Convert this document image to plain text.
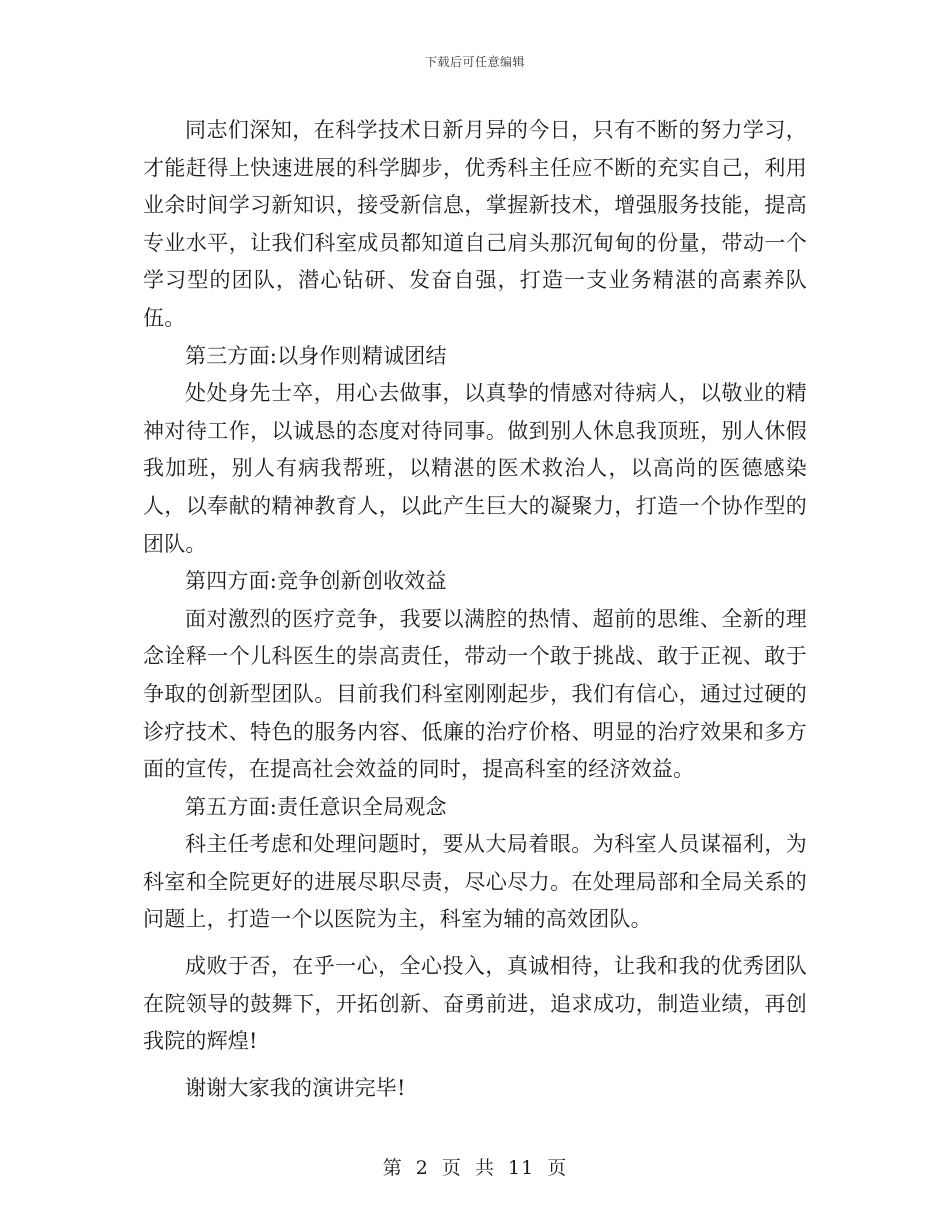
下载后可任意编辑

同志们深知，在科学技术日新月异的今日，只有不断的努力学习，才能赶得上快速进展的科学脚步，优秀科主任应不断的充实自己，利用业余时间学习新知识，接受新信息，掌握新技术，增强服务技能，提高专业水平，让我们科室成员都知道自己肩头那沉甸甸的份量，带动一个学习型的团队，潜心钻研、发奋自强，打造一支业务精湛的高素养队伍。

第三方面:以身作则精诚团结

处处身先士卒，用心去做事，以真挚的情感对待病人，以敬业的精神对待工作，以诚恳的态度对待同事。做到别人休息我顶班，别人休假我加班，别人有病我帮班，以精湛的医术救治人，以高尚的医德感染人，以奉献的精神教育人，以此产生巨大的凝聚力，打造一个协作型的团队。

第四方面:竞争创新创收效益

面对激烈的医疗竞争，我要以满腔的热情、超前的思维、全新的理念诠释一个儿科医生的崇高责任，带动一个敢于挑战、敢于正视、敢于争取的创新型团队。目前我们科室刚刚起步，我们有信心，通过过硬的诊疗技术、特色的服务内容、低廉的治疗价格、明显的治疗效果和多方面的宣传，在提高社会效益的同时，提高科室的经济效益。

第五方面:责任意识全局观念

科主任考虑和处理问题时，要从大局着眼。为科室人员谋福利，为科室和全院更好的进展尽职尽责，尽心尽力。在处理局部和全局关系的问题上，打造一个以医院为主，科室为辅的高效团队。

成败于否，在乎一心，全心投入，真诚相待，让我和我的优秀团队在院领导的鼓舞下，开拓创新、奋勇前进，追求成功，制造业绩，再创我院的辉煌!

谢谢大家我的演讲完毕!

第 2 页 共 11 页
